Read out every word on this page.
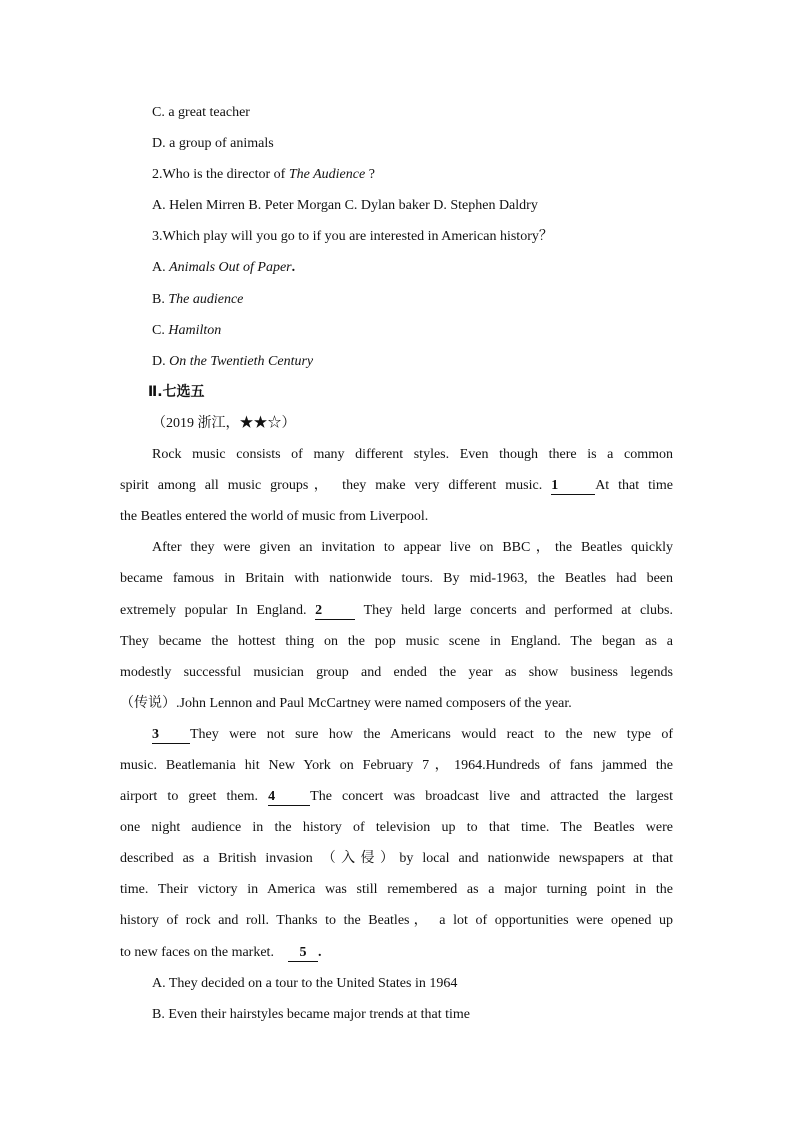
C. a great teacher
D. a group of animals
2.Who is the director of The Audience ?
A. Helen Mirren B. Peter Morgan C. Dylan baker D. Stephen Daldry
3.Which play will you go to if you are interested in American history？
A. Animals Out of Paper.
B. The audience
C. Hamilton
D. On the Twentieth Century
Ⅱ.七选五
（2019 浙江，★★☆）
Rock music consists of many different styles. Even though there is a common
spirit among all music groups， they make very different music. 1	At that time
the Beatles entered the world of music from Liverpool.
After they were given an invitation to appear live on BBC，the Beatles quickly
became famous in Britain with nationwide tours. By mid-1963, the Beatles had been
extremely popular In England. 2	They held large concerts and performed at clubs.
They became the hottest thing on the pop music scene in England. The began as a
modestly successful musician group and ended the year as show business legends
（传说）.John Lennon and Paul McCartney were named composers of the year.
3 They were not sure how the Americans would react to the new type of
music. Beatlemania hit New York on February 7，1964.Hundreds of fans jammed the
airport to greet them. 4	The concert was broadcast live and attracted the largest
one night audience in the history of television up to that time. The Beatles were
described as a British invasion （入侵）by local and nationwide newspapers at that
time. Their victory in America was still remembered as a major turning point in the
history of rock and roll. Thanks to the Beatles， a lot of opportunities were opened up
to new faces on the market. 5 .
A. They decided on a tour to the United States in 1964
B. Even their hairstyles became major trends at that time
